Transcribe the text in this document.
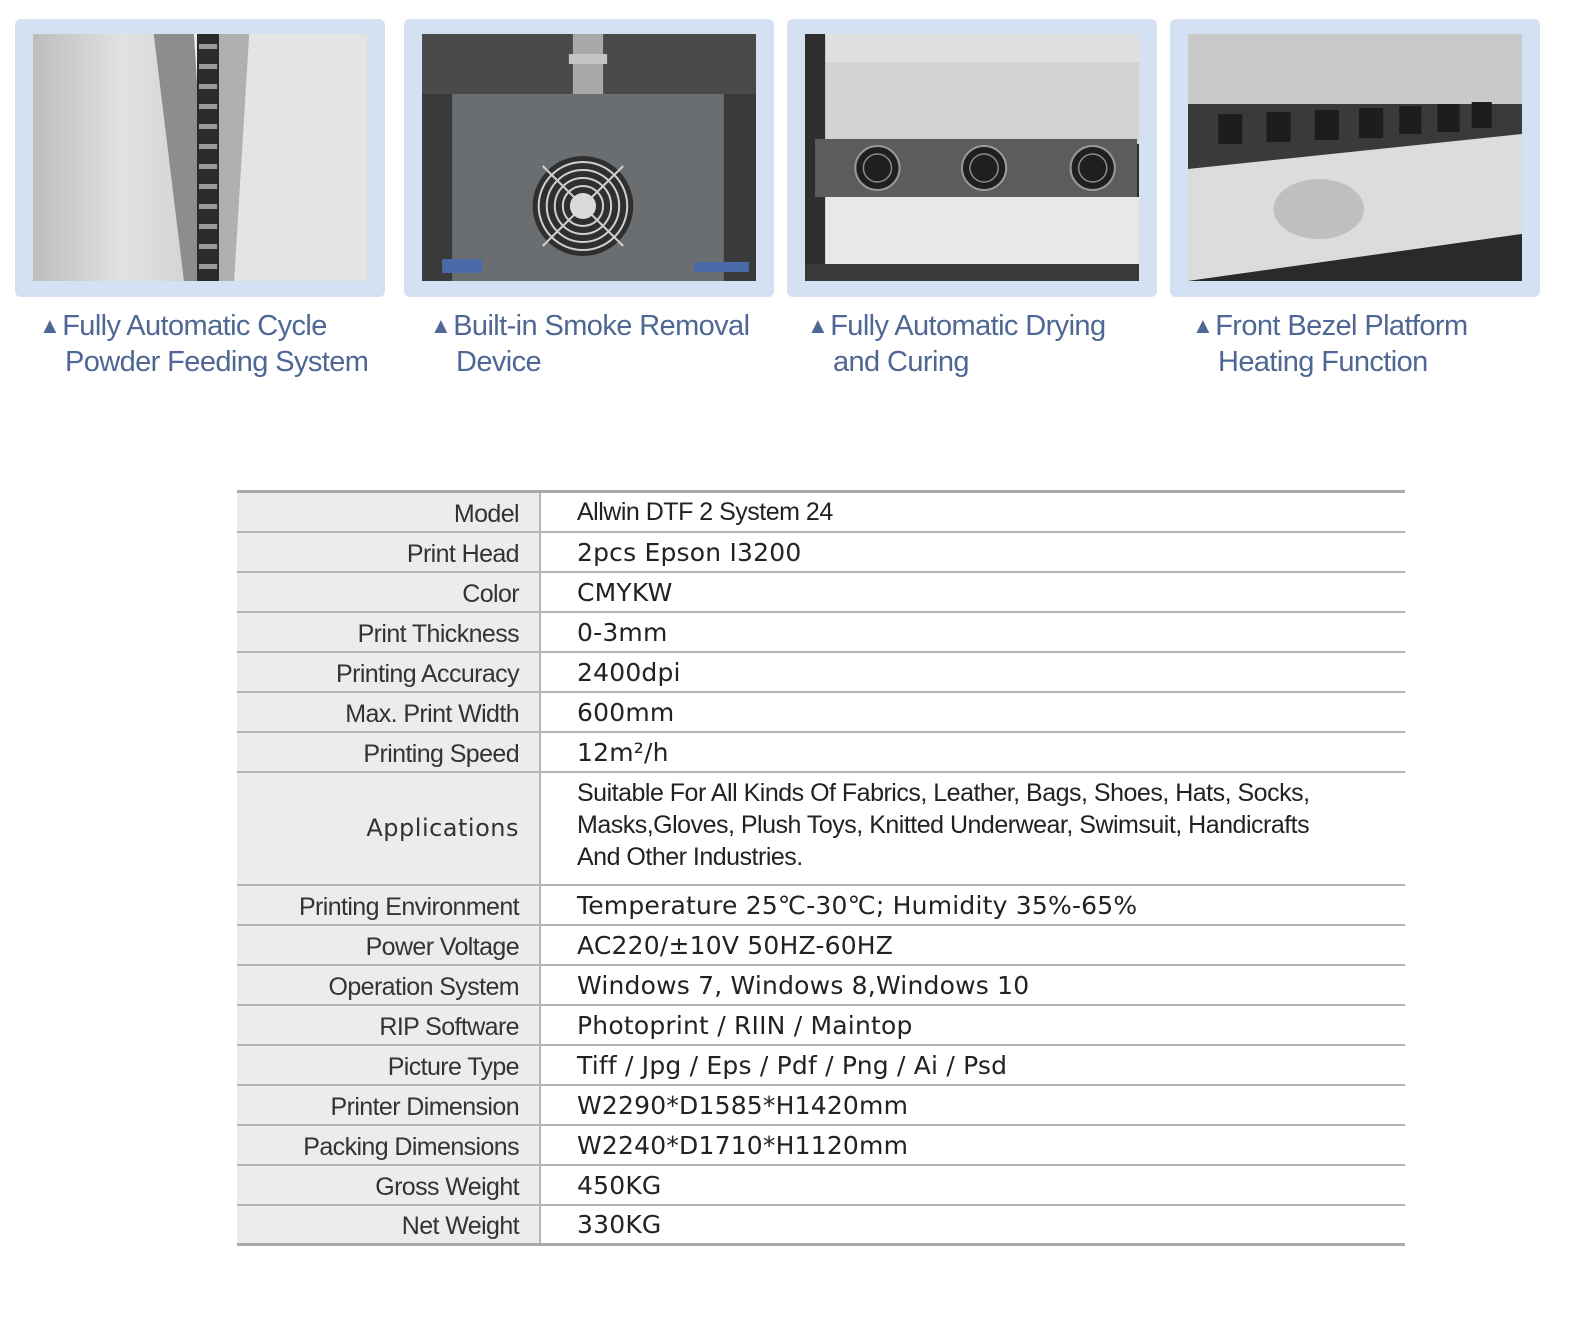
▲Fully Automatic Cycle
Powder Feeding System
▲Built-in Smoke Removal
Device
▲Fully Automatic Drying
and Curing
▲Front Bezel Platform
Heating Function
Model	Allwin DTF 2 System 24
Print Head	2pcs Epson I3200
Color	CMYKW
Print Thickness	0-3mm
Printing Accuracy	2400dpi
Max. Print Width	600mm
Printing Speed	12m²/h
Applications	Suitable For All Kinds Of Fabrics, Leather, Bags, Shoes, Hats, Socks,
Masks,Gloves, Plush Toys, Knitted Underwear, Swimsuit, Handicrafts
And Other Industries.

Printing Environment	Temperature 25℃-30℃; Humidity 35%-65%
Power Voltage	AC220/±10V 50HZ-60HZ
Operation System	Windows 7, Windows 8,Windows 10
RIP Software	Photoprint / RIIN / Maintop
Picture Type	Tiff / Jpg / Eps / Pdf / Png / Ai / Psd
Printer Dimension	W2290*D1585*H1420mm
Packing Dimensions	W2240*D1710*H1120mm
Gross Weight	450KG
Net Weight	330KG
